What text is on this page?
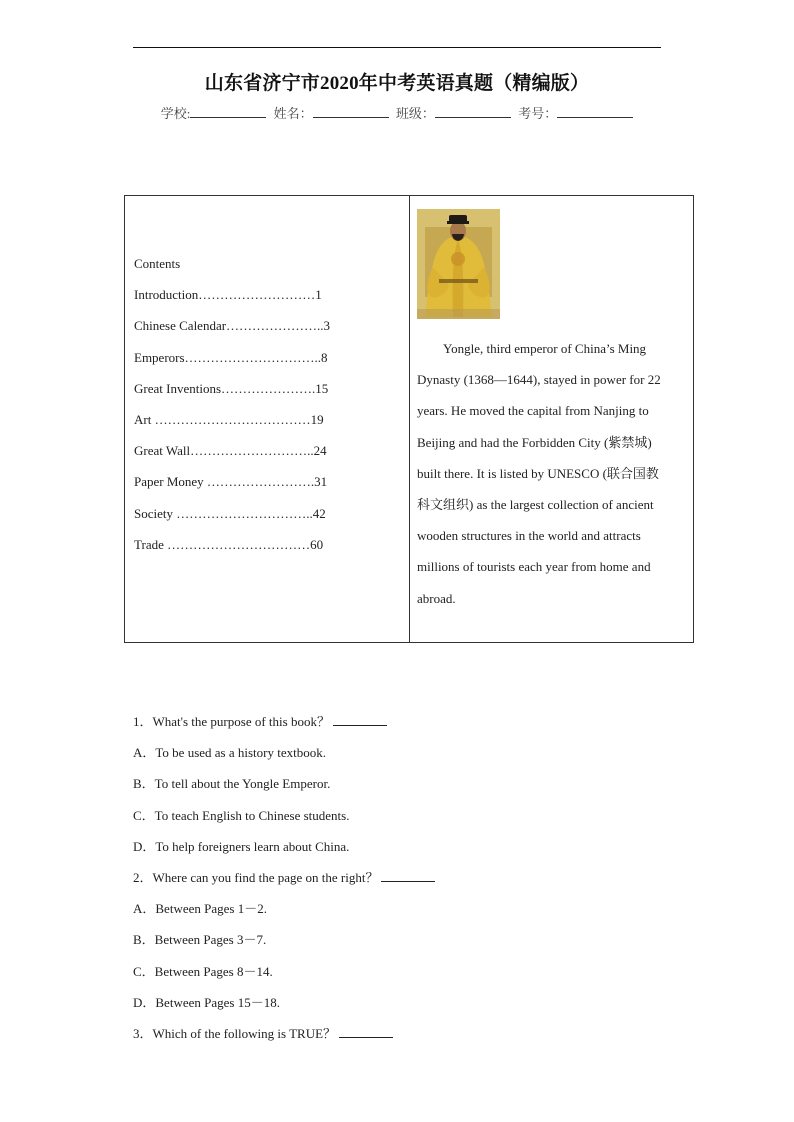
山东省济宁市2020年中考英语真题（精编版）
学校:	姓名：	班级：	考号：
Contents
Introduction………………………1
Chinese Calendar…………………..3
Emperors…………………………..8
Great Inventions………………….15
Art ………………………………19
Great Wall………………………..24
Paper Money …………………….31
Society …………………………..42
Trade ……………………………60
Yongle, third emperor of China’s Ming
Dynasty (1368—1644), stayed in power for 22
years. He moved the capital from Nanjing to
Beijing and had the Forbidden City (紫禁城)
built there. It is listed by UNESCO (联合国教
科文组织) as the largest collection of ancient
wooden structures in the world and attracts
millions of tourists each year from home and
abroad.
1．What's the purpose of this book？
A．To be used as a history textbook.
B．To tell about the Yongle Emperor.
C．To teach English to Chinese students.
D．To help foreigners learn about China.
2．Where can you find the page on the right？
A．Between Pages 1－2.
B．Between Pages 3－7.
C．Between Pages 8－14.
D．Between Pages 15－18.
3．Which of the following is TRUE？
